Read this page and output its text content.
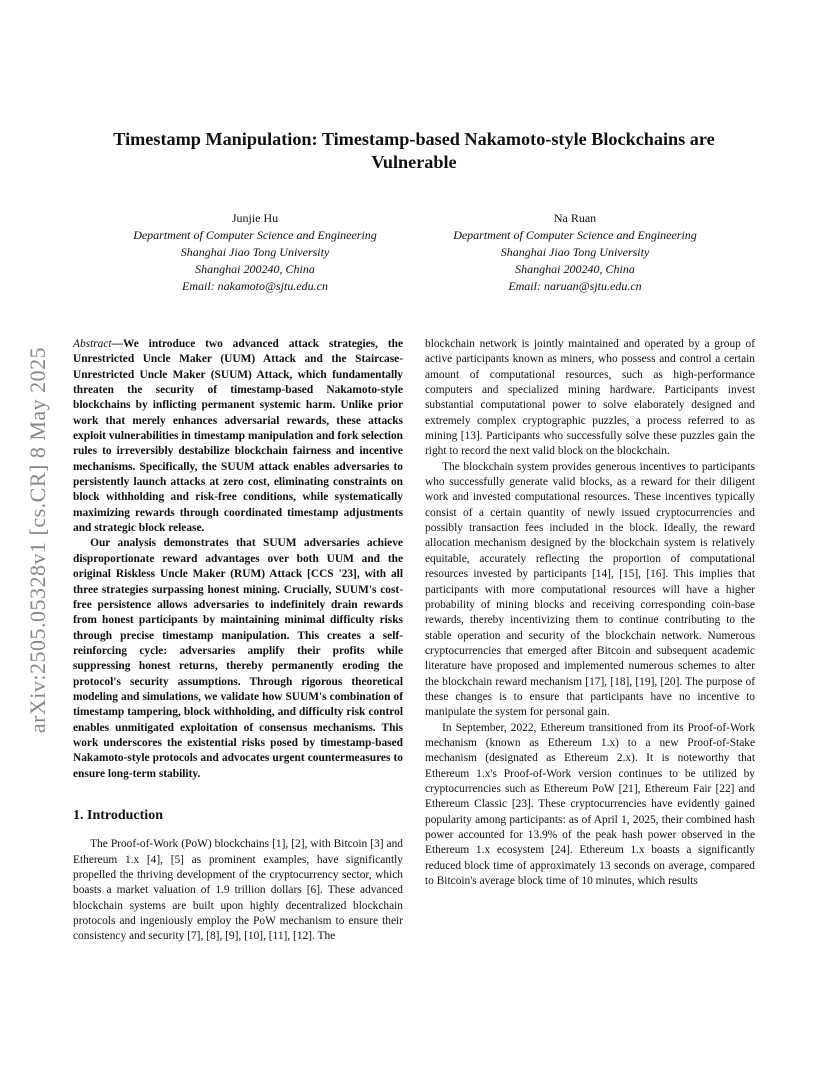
arXiv:2505.05328v1 [cs.CR] 8 May 2025
Timestamp Manipulation: Timestamp-based Nakamoto-style Blockchains are Vulnerable
Junjie Hu
Department of Computer Science and Engineering
Shanghai Jiao Tong University
Shanghai 200240, China
Email: nakamoto@sjtu.edu.cn
Na Ruan
Department of Computer Science and Engineering
Shanghai Jiao Tong University
Shanghai 200240, China
Email: naruan@sjtu.edu.cn

Abstract—We introduce two advanced attack strategies, the Unrestricted Uncle Maker (UUM) Attack and the Staircase-Unrestricted Uncle Maker (SUUM) Attack, which fundamentally threaten the security of timestamp-based Nakamoto-style blockchains by inflicting permanent systemic harm. Unlike prior work that merely enhances adversarial rewards, these attacks exploit vulnerabilities in timestamp manipulation and fork selection rules to irreversibly destabilize blockchain fairness and incentive mechanisms. Specifically, the SUUM attack enables adversaries to persistently launch attacks at zero cost, eliminating constraints on block withholding and risk-free conditions, while systematically maximizing rewards through coordinated timestamp adjustments and strategic block release.

Our analysis demonstrates that SUUM adversaries achieve disproportionate reward advantages over both UUM and the original Riskless Uncle Maker (RUM) Attack [CCS '23], with all three strategies surpassing honest mining. Crucially, SUUM's cost-free persistence allows adversaries to indefinitely drain rewards from honest participants by maintaining minimal difficulty risks through precise timestamp manipulation. This creates a self-reinforcing cycle: adversaries amplify their profits while suppressing honest returns, thereby permanently eroding the protocol's security assumptions. Through rigorous theoretical modeling and simulations, we validate how SUUM's combination of timestamp tampering, block withholding, and difficulty risk control enables unmitigated exploitation of consensus mechanisms. This work underscores the existential risks posed by timestamp-based Nakamoto-style protocols and advocates urgent countermeasures to ensure long-term stability.

1. Introduction

The Proof-of-Work (PoW) blockchains [1], [2], with Bitcoin [3] and Ethereum 1.x [4], [5] as prominent examples, have significantly propelled the thriving development of the cryptocurrency sector, which boasts a market valuation of 1.9 trillion dollars [6]. These advanced blockchain systems are built upon highly decentralized blockchain protocols and ingeniously employ the PoW mechanism to ensure their consistency and security [7], [8], [9], [10], [11], [12]. The

blockchain network is jointly maintained and operated by a group of active participants known as miners, who possess and control a certain amount of computational resources, such as high-performance computers and specialized mining hardware. Participants invest substantial computational power to solve elaborately designed and extremely complex cryptographic puzzles, a process referred to as mining [13]. Participants who successfully solve these puzzles gain the right to record the next valid block on the blockchain.

The blockchain system provides generous incentives to participants who successfully generate valid blocks, as a reward for their diligent work and invested computational resources. These incentives typically consist of a certain quantity of newly issued cryptocurrencies and possibly transaction fees included in the block. Ideally, the reward allocation mechanism designed by the blockchain system is relatively equitable, accurately reflecting the proportion of computational resources invested by participants [14], [15], [16]. This implies that participants with more computational resources will have a higher probability of mining blocks and receiving corresponding coin-base rewards, thereby incentivizing them to continue contributing to the stable operation and security of the blockchain network. Numerous cryptocurrencies that emerged after Bitcoin and subsequent academic literature have proposed and implemented numerous schemes to alter the blockchain reward mechanism [17], [18], [19], [20]. The purpose of these changes is to ensure that participants have no incentive to manipulate the system for personal gain.

In September, 2022, Ethereum transitioned from its Proof-of-Work mechanism (known as Ethereum 1.x) to a new Proof-of-Stake mechanism (designated as Ethereum 2.x). It is noteworthy that Ethereum 1.x's Proof-of-Work version continues to be utilized by cryptocurrencies such as Ethereum PoW [21], Ethereum Fair [22] and Ethereum Classic [23]. These cryptocurrencies have evidently gained popularity among participants: as of April 1, 2025, their combined hash power accounted for 13.9% of the peak hash power observed in the Ethereum 1.x ecosystem [24]. Ethereum 1.x boasts a significantly reduced block time of approximately 13 seconds on average, compared to Bitcoin's average block time of 10 minutes, which results
